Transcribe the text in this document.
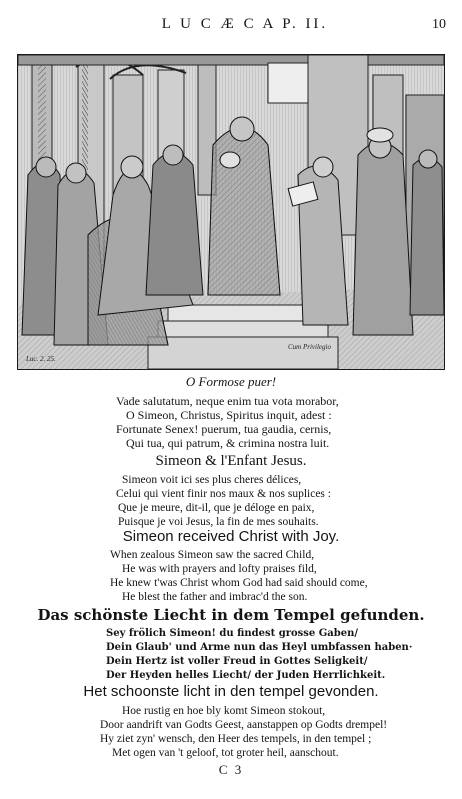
L U C Æ C A P. II.	10
Luc. 2. 25.
Cum Privilegio
O Formose puer!
Vade salutatum, neque enim tua vota morabor,
O Simeon, Christus, Spiritus inquit, adest :
Fortunate Senex! puerum, tua gaudia, cernis,
Qui tua, qui patrum, & crimina nostra luit.
Simeon & l'Enfant Jesus.
Simeon voit ici ses plus cheres délices,
Celui qui vient finir nos maux & nos suplices :
Que je meure, dit-il, que je déloge en paix,
Puisque je voi Jesus, la fin de mes souhaits.
Simeon received Christ with Joy.
When zealous Simeon saw the sacred Child,
He was with prayers and lofty praises fild,
He knew t'was Christ whom God had said should come,
He blest the father and imbrac'd the son.
Das schönste Liecht in dem Tempel gefunden.
Sey frölich Simeon! du findest grosse Gaben/
Dein Glaub' und Arme nun das Heyl umbfassen haben·
Dein Hertz ist voller Freud in Gottes Seligkeit/
Der Heyden helles Liecht/ der Juden Herrlichkeit.
Het schoonste licht in den tempel gevonden.
Hoe rustig en hoe bly komt Simeon stokout,
Door aandrift van Godts Geest, aanstappen op Godts drempel!
Hy ziet zyn' wensch, den Heer des tempels, in den tempel ;
Met ogen van 't geloof, tot groter heil, aanschout.
C 3
